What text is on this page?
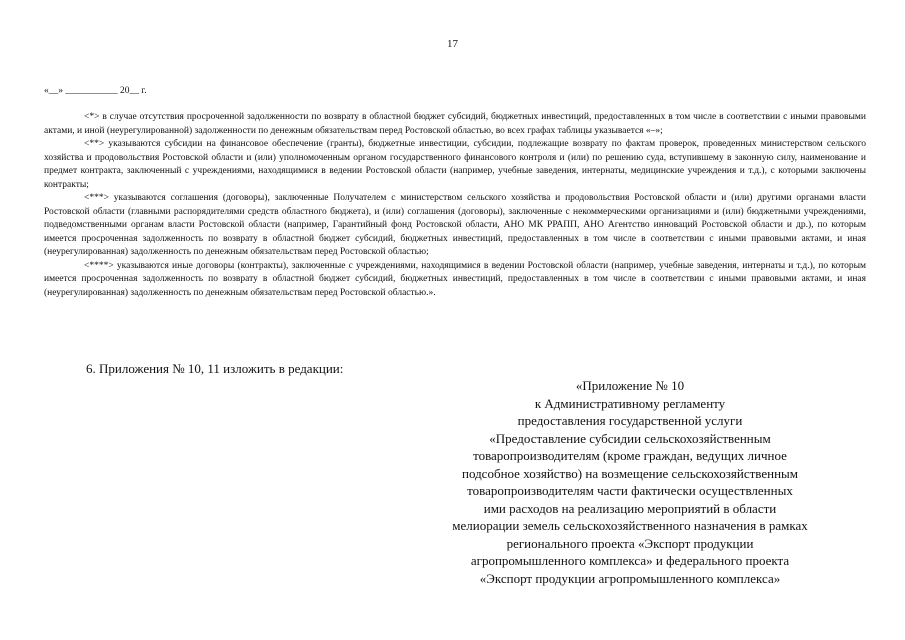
17
«__» ___________ 20__ г.

<*> в случае отсутствия просроченной задолженности по возврату в областной бюджет субсидий, бюджетных инвестиций, предоставленных в том числе в соответствии с иными правовыми актами, и иной (неурегулированной) задолженности по денежным обязательствам перед Ростовской областью, во всех графах таблицы указывается «–»;

<**> указываются субсидии на финансовое обеспечение (гранты), бюджетные инвестиции, субсидии, подлежащие возврату по фактам проверок, проведенных министерством сельского хозяйства и продовольствия Ростовской области и (или) уполномоченным органом государственного финансового контроля и (или) по решению суда, вступившему в законную силу, наименование и предмет контракта, заключенный с учреждениями, находящимися в ведении Ростовской области (например, учебные заведения, интернаты, медицинские учреждения и т.д.), с которыми заключены контракты;

<***> указываются соглашения (договоры), заключенные Получателем с министерством сельского хозяйства и продовольствия Ростовской области и (или) другими органами власти Ростовской области (главными распорядителями средств областного бюджета), и (или) соглашения (договоры), заключенные с некоммерческими организациями и (или) бюджетными учреждениями, подведомственными органам власти Ростовской области (например, Гарантийный фонд Ростовской области, АНО МК РРАПП, АНО Агентство инноваций Ростовской области и др.), по которым имеется просроченная задолженность по возврату в областной бюджет субсидий, бюджетных инвестиций, предоставленных в том числе в соответствии с иными правовыми актами, и иная (неурегулированная) задолженность по денежным обязательствам перед Ростовской областью;

<****> указываются иные договоры (контракты), заключенные с учреждениями, находящимися в ведении Ростовской области (например, учебные заведения, интернаты и т.д.), по которым имеется просроченная задолженность по возврату в областной бюджет субсидий, бюджетных инвестиций, предоставленных в том числе в соответствии с иными правовыми актами, и иная (неурегулированная) задолженность по денежным обязательствам перед Ростовской областью.».

6. Приложения № 10, 11 изложить в редакции:
«Приложение № 10
к Административному регламенту
предоставления государственной услуги
«Предоставление субсидии сельскохозяйственным
товаропроизводителям (кроме граждан, ведущих личное
подсобное хозяйство) на возмещение сельскохозяйственным
товаропроизводителям части фактически осуществленных
ими расходов на реализацию мероприятий в области
мелиорации земель сельскохозяйственного назначения в рамках
регионального проекта «Экспорт продукции
агропромышленного комплекса» и федерального проекта
«Экспорт продукции агропромышленного комплекса»
